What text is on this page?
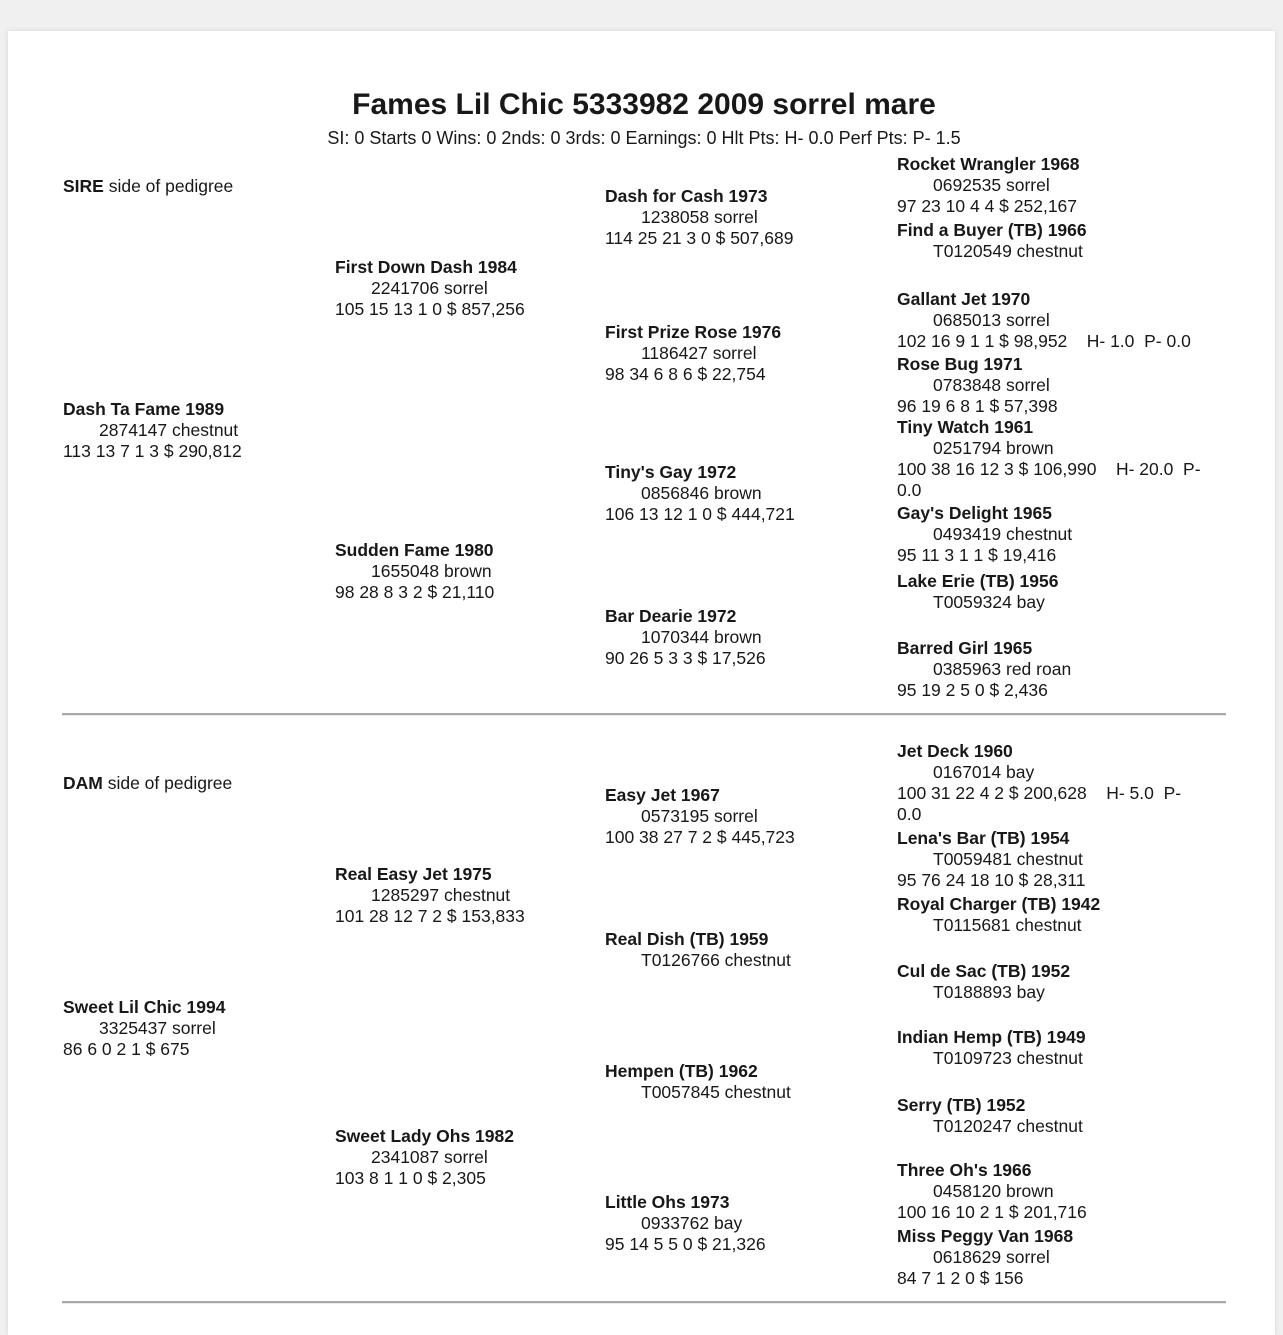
Fames Lil Chic 5333982 2009 sorrel mare
SI: 0 Starts 0 Wins: 0 2nds: 0 3rds: 0 Earnings: 0 Hlt Pts: H- 0.0 Perf Pts: P- 1.5
SIRE side of pedigree
Dash Ta Fame 1989
2874147 chestnut
113 13 7 1 3 $ 290,812
First Down Dash 1984
2241706 sorrel
105 15 13 1 0 $ 857,256
Sudden Fame 1980
1655048 brown
98 28 8 3 2 $ 21,110
Dash for Cash 1973
1238058 sorrel
114 25 21 3 0 $ 507,689
First Prize Rose 1976
1186427 sorrel
98 34 6 8 6 $ 22,754
Tiny's Gay 1972
0856846 brown
106 13 12 1 0 $ 444,721
Bar Dearie 1972
1070344 brown
90 26 5 3 3 $ 17,526
Rocket Wrangler 1968
0692535 sorrel
97 23 10 4 4 $ 252,167
Find a Buyer (TB) 1966
T0120549 chestnut
Gallant Jet 1970
0685013 sorrel
102 16 9 1 1 $ 98,952    H- 1.0  P- 0.0
Rose Bug 1971
0783848 sorrel
96 19 6 8 1 $ 57,398
Tiny Watch 1961
0251794 brown
100 38 16 12 3 $ 106,990    H- 20.0  P- 0.0
Gay's Delight 1965
0493419 chestnut
95 11 3 1 1 $ 19,416
Lake Erie (TB) 1956
T0059324 bay
Barred Girl 1965
0385963 red roan
95 19 2 5 0 $ 2,436
DAM side of pedigree
Sweet Lil Chic 1994
3325437 sorrel
86 6 0 2 1 $ 675
Real Easy Jet 1975
1285297 chestnut
101 28 12 7 2 $ 153,833
Sweet Lady Ohs 1982
2341087 sorrel
103 8 1 1 0 $ 2,305
Easy Jet 1967
0573195 sorrel
100 38 27 7 2 $ 445,723
Real Dish (TB) 1959
T0126766 chestnut
Hempen (TB) 1962
T0057845 chestnut
Little Ohs 1973
0933762 bay
95 14 5 5 0 $ 21,326
Jet Deck 1960
0167014 bay
100 31 22 4 2 $ 200,628    H- 5.0  P- 0.0
Lena's Bar (TB) 1954
T0059481 chestnut
95 76 24 18 10 $ 28,311
Royal Charger (TB) 1942
T0115681 chestnut
Cul de Sac (TB) 1952
T0188893 bay
Indian Hemp (TB) 1949
T0109723 chestnut
Serry (TB) 1952
T0120247 chestnut
Three Oh's 1966
0458120 brown
100 16 10 2 1 $ 201,716
Miss Peggy Van 1968
0618629 sorrel
84 7 1 2 0 $ 156
